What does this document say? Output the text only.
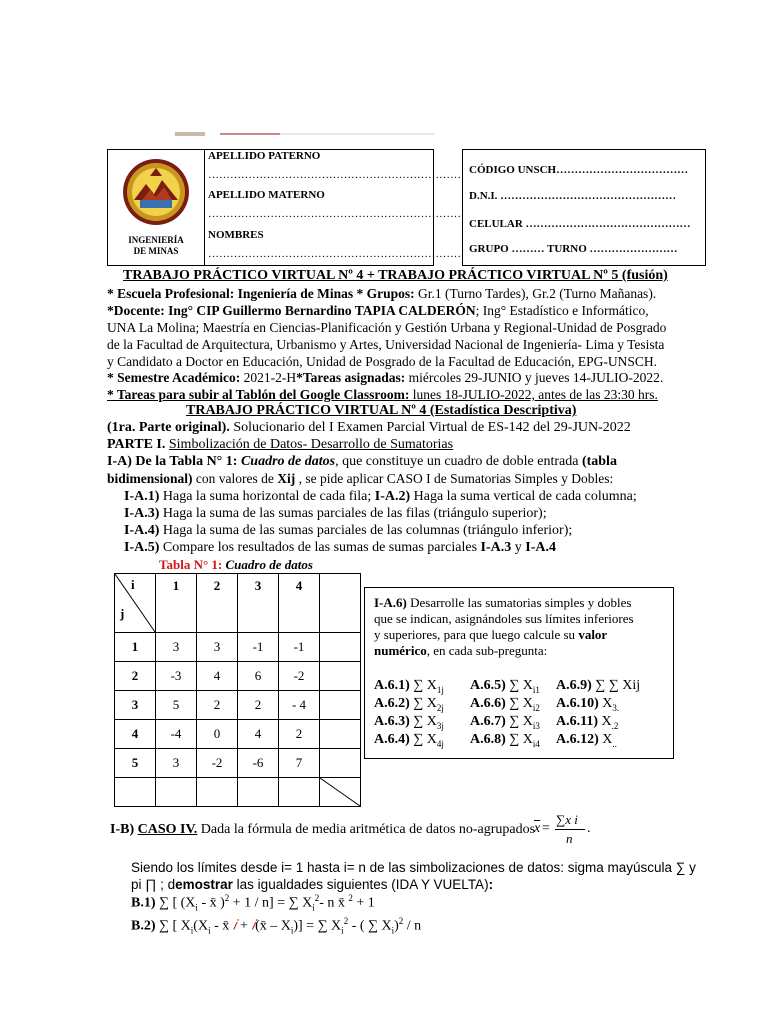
INGENIERÍA
DE MINAS
APELLIDO PATERNO
……………………………………………………………
APELLIDO MATERNO
……………………………………………………………
NOMBRES
……………………………………………………………
CÓDIGO UNSCH………………………………
D.N.I. …………………………………………
CELULAR ………………………………………
GRUPO ……… TURNO ……………………
TRABAJO PRÁCTICO VIRTUAL Nº 4 + TRABAJO PRÁCTICO VIRTUAL Nº 5 (fusión)
* Escuela Profesional: Ingeniería de Minas * Grupos: Gr.1 (Turno Tardes), Gr.2 (Turno Mañanas).
*Docente: Ing° CIP Guillermo Bernardino TAPIA CALDERÓN; Ing° Estadístico e Informático,
UNA La Molina; Maestría en Ciencias-Planificación y Gestión Urbana y Regional-Unidad de Posgrado
de la Facultad de Arquitectura, Urbanismo y Artes, Universidad Nacional de Ingeniería- Lima y Tesista
y Candidato a Doctor en Educación, Unidad de Posgrado de la Facultad de Educación, EPG-UNSCH.
* Semestre Académico: 2021-2-H*Tareas asignadas: miércoles 29-JUNIO y jueves 14-JULIO-2022.
* Tareas para subir al Tablón del Google Classroom: lunes 18-JULIO-2022, antes de las 23:30 hrs.
TRABAJO PRÁCTICO VIRTUAL Nº 4 (Estadística Descriptiva)
(1ra. Parte original). Solucionario del I Examen Parcial Virtual de ES-142 del 29-JUN-2022
PARTE I. Simbolización de Datos- Desarrollo de Sumatorias
I-A) De la Tabla N° 1: Cuadro de datos, que constituye un cuadro de doble entrada (tabla
bidimensional) con valores de Xij , se pide aplicar CASO I de Sumatorias Simples y Dobles:
I-A.1) Haga la suma horizontal de cada fila; I-A.2) Haga la suma vertical de cada columna;
I-A.3) Haga la suma de las sumas parciales de las filas (triángulo superior);
I-A.4) Haga la suma de las sumas parciales de las columnas (triángulo inferior);
I-A.5) Compare los resultados de las sumas de sumas parciales I-A.3 y I-A.4
Tabla N° 1: Cuadro de datos
i
j	1	2	3	4	
1	3	3	-1	-1	
2	-3	4	6	-2	
3	5	2	2	- 4	
4	-4	0	4	2	
5	3	-2	-6	7	

I-A.6) Desarrolle las sumatorias simples y dobles
que se indican, asignándoles sus límites inferiores
y superiores, para que luego calcule su valor
numérico, en cada sub-pregunta:
A.6.1) ∑ $X_{1j}$
A.6.2) ∑ $X_{2j}$
A.6.3) ∑ $X_{3j}$
A.6.4) ∑ $X_{4j}$
A.6.5) ∑ $X_{i1}$
A.6.6) ∑ $X_{i2}$
A.6.7) ∑ $X_{i3}$
A.6.8) ∑ $X_{i4}$
A.6.9) ∑ ∑ Xij
A.6.10) $X_{3.}$
A.6.11) $X_{.2}$
A.6.12) $X_{..}$
I-B) CASO IV. Dada la fórmula de media aritmética de datos no-agrupados
$\overline{x}$ =
∑x i
n
.
Siendo los límites desde i= 1 hasta i= n de las simbolizaciones de datos: sigma mayúscula ∑ y
pi ∏ ; demostrar las igualdades siguientes (IDA Y VUELTA):
B.1) ∑ [ ($X_i$ - x̄ )$^2$ + 1 / n] = ∑ $X_i^2-$ n x̄ $^2$ + 1
B.2) ∑ [ $X_i(X_i$ - x̄ 𝑖 + 𝑖(x̄ – $X_i$)] = ∑ $X_i^2$ - ( ∑ $X_i)^2$ / n
